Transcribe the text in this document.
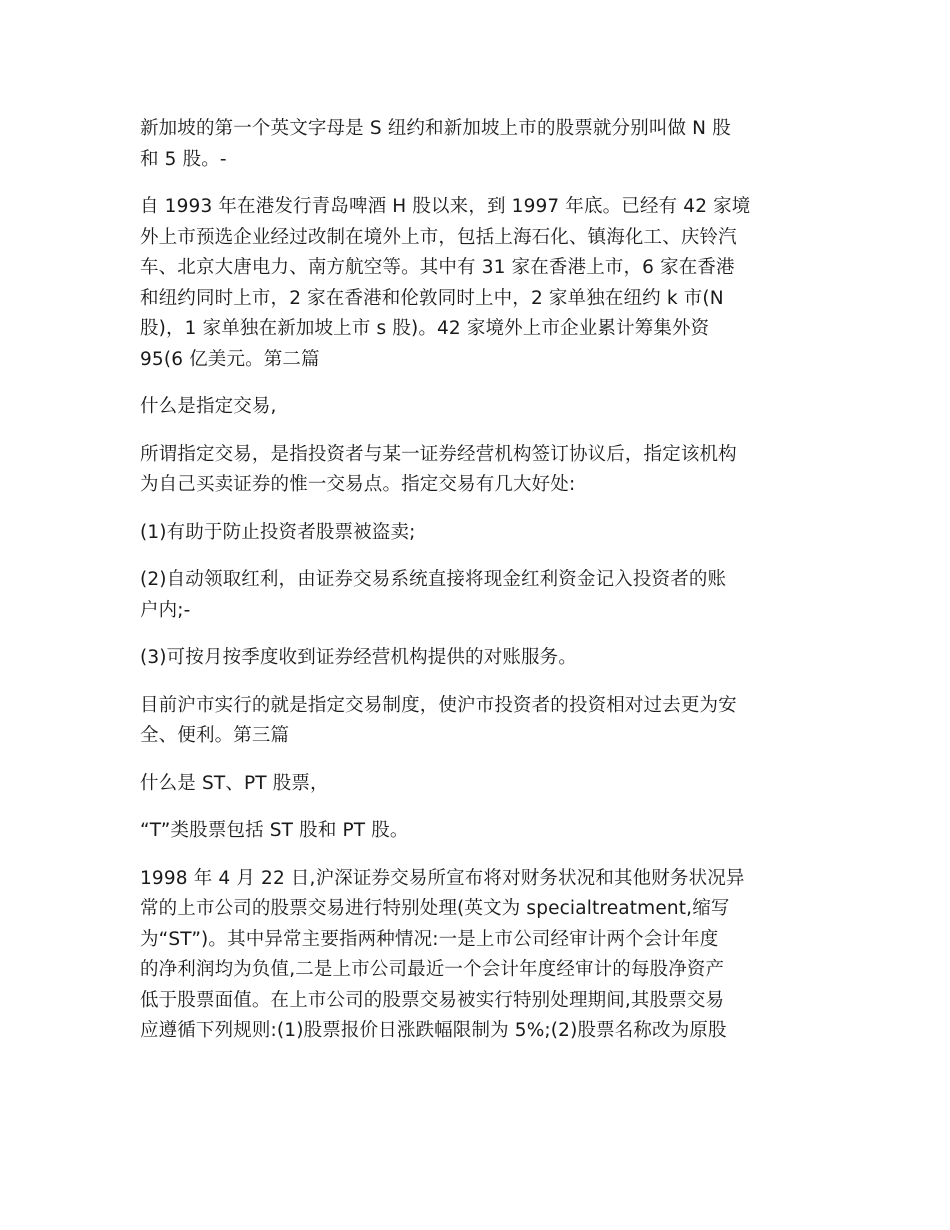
新加坡的第一个英文字母是 S 纽约和新加坡上市的股票就分别叫做 N 股
和 5 股。-

自 1993 年在港发行青岛啤酒 H 股以来，到 1997 年底。已经有 42 家境
外上市预选企业经过改制在境外上市，包括上海石化、镇海化工、庆铃汽
车、北京大唐电力、南方航空等。其中有 31 家在香港上市，6 家在香港
和纽约同时上市，2 家在香港和伦敦同时上中，2 家单独在纽约 k 市(N
股)，1 家单独在新加坡上市 s 股)。42 家境外上市企业累计筹集外资
95(6 亿美元。第二篇

什么是指定交易,

所谓指定交易，是指投资者与某一证券经营机构签订协议后，指定该机构
为自己买卖证券的惟一交易点。指定交易有几大好处:

(1)有助于防止投资者股票被盗卖;

(2)自动领取红利，由证券交易系统直接将现金红利资金记入投资者的账
户内;-

(3)可按月按季度收到证券经营机构提供的对账服务。

目前沪市实行的就是指定交易制度，使沪市投资者的投资相对过去更为安
全、便利。第三篇

什么是 ST、PT 股票，

“T”类股票包括 ST 股和 PT 股。

1998 年 4 月 22 日,沪深证券交易所宣布将对财务状况和其他财务状况异
常的上市公司的股票交易进行特别处理(英文为 specialtreatment,缩写
为“ST”)。其中异常主要指两种情况:一是上市公司经审计两个会计年度
的净利润均为负值,二是上市公司最近一个会计年度经审计的每股净资产
低于股票面值。在上市公司的股票交易被实行特别处理期间,其股票交易
应遵循下列规则:(1)股票报价日涨跌幅限制为 5%;(2)股票名称改为原股
